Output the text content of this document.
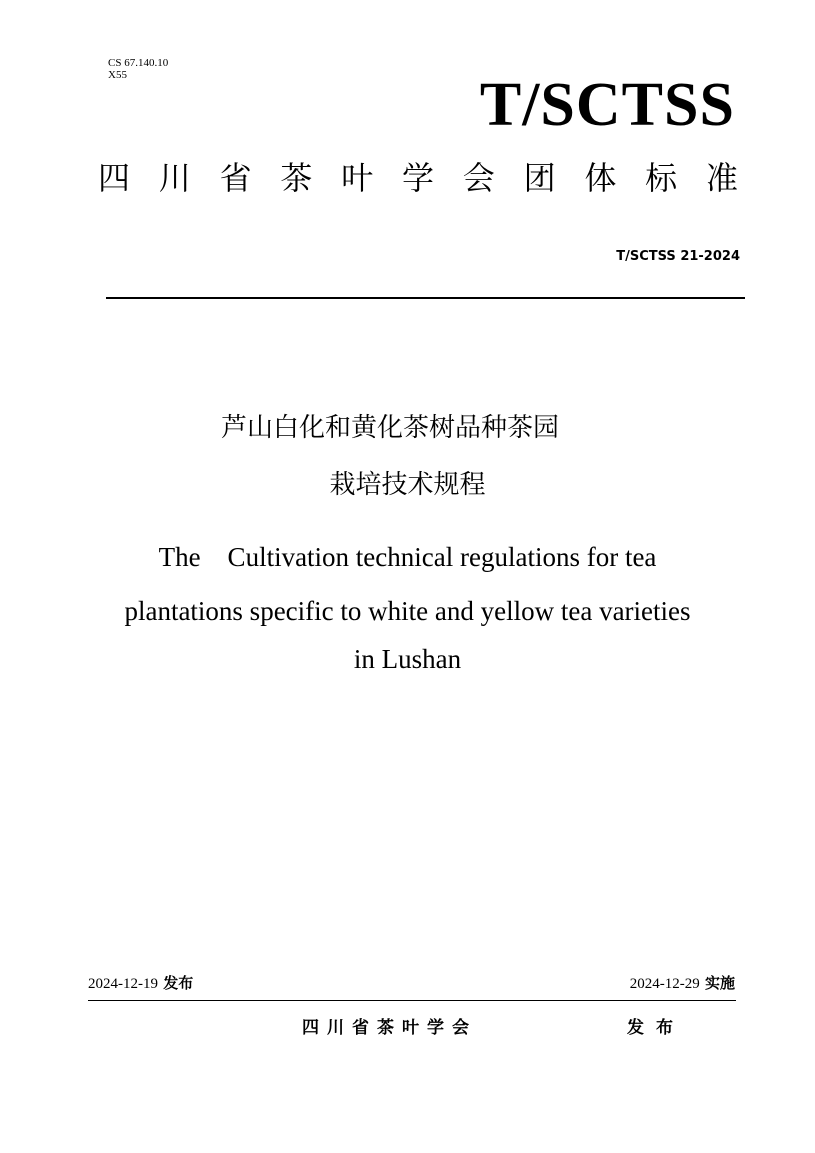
CS 67.140.10
X55	T/SCTSS
四 川 省 茶 叶 学 会 团 体 标 准
T/SCTSS 21-2024
芦山白化和黄化茶树品种茶园
栽培技术规程
The    Cultivation technical regulations for tea
plantations specific to white and yellow tea varieties
in Lushan
2024-12-19 发布	2024-12-29 实施
四川省茶叶学会	发布
